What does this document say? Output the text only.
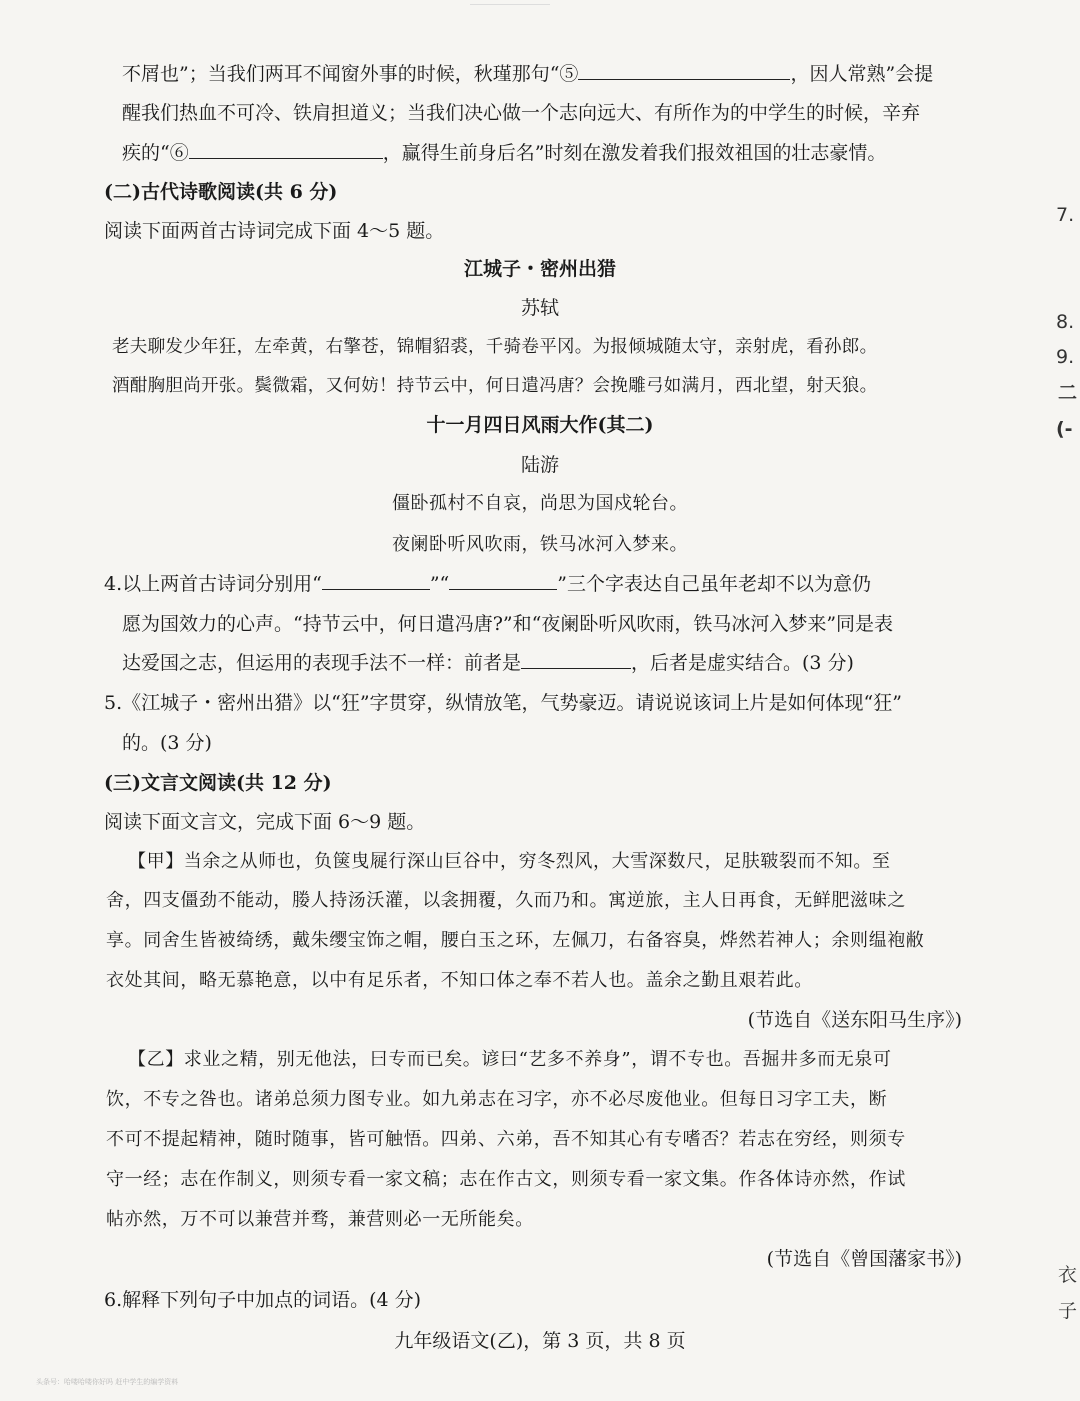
不屑也”；当我们两耳不闻窗外事的时候，秋瑾那句“⑤	，因人常熟”会提
醒我们热血不可冷、铁肩担道义；当我们决心做一个志向远大、有所作为的中学生的时候，辛弃
疾的“⑥	，赢得生前身后名”时刻在激发着我们报效祖国的壮志豪情。
(二)古代诗歌阅读(共 6 分)
阅读下面两首古诗词完成下面 4～5 题。
江城子・密州出猎
苏轼
老夫聊发少年狂，左牵黄，右擎苍，锦帽貂裘，千骑卷平冈。为报倾城随太守，亲射虎，看孙郎。
酒酣胸胆尚开张。鬓微霜，又何妨！持节云中，何日遣冯唐？会挽雕弓如满月，西北望，射天狼。
十一月四日风雨大作(其二)
陆游
僵卧孤村不自哀，尚思为国戍轮台。
夜阑卧听风吹雨，铁马冰河入梦来。
4.以上两首古诗词分别用“	”“	”三个字表达自己虽年老却不以为意仍
愿为国效力的心声。“持节云中，何日遣冯唐?”和“夜阑卧听风吹雨，铁马冰河入梦来”同是表
达爱国之志，但运用的表现手法不一样：前者是	，后者是虚实结合。(3 分)
5.《江城子・密州出猎》以“狂”字贯穿，纵情放笔，气势豪迈。请说说该词上片是如何体现“狂”
的。(3 分)
(三)文言文阅读(共 12 分)
阅读下面文言文，完成下面 6～9 题。
【甲】当余之从师也，负箧曳屣行深山巨谷中，穷冬烈风，大雪深数尺，足肤皲裂而不知。至
舍，四支僵劲不能动，媵人持汤沃灌，以衾拥覆，久而乃和。寓逆旅，主人日再食，无鲜肥滋味之
享。同舍生皆被绮绣，戴朱缨宝饰之帽，腰白玉之环，左佩刀，右备容臭，烨然若神人；余则缊袍敝
衣处其间，略无慕艳意，以中有足乐者，不知口体之奉不若人也。盖余之勤且艰若此。
(节选自《送东阳马生序》)
【乙】求业之精，别无他法，曰专而已矣。谚曰“艺多不养身”，谓不专也。吾掘井多而无泉可
饮，不专之咎也。诸弟总须力图专业。如九弟志在习字，亦不必尽废他业。但每日习字工夫，断
不可不提起精神，随时随事，皆可触悟。四弟、六弟，吾不知其心有专嗜否？若志在穷经，则须专
守一经；志在作制义，则须专看一家文稿；志在作古文，则须专看一家文集。作各体诗亦然，作试
帖亦然，万不可以兼营并骛，兼营则必一无所能矣。
(节选自《曾国藩家书》)
6.解释下列句子中加点的词语。(4 分)
九年级语文(乙)，第 3 页，共 8 页
7.
8.
9.
二
(-
衣
子
头条号：哈喽哈喽你好吗 赶中学生的编学资料
